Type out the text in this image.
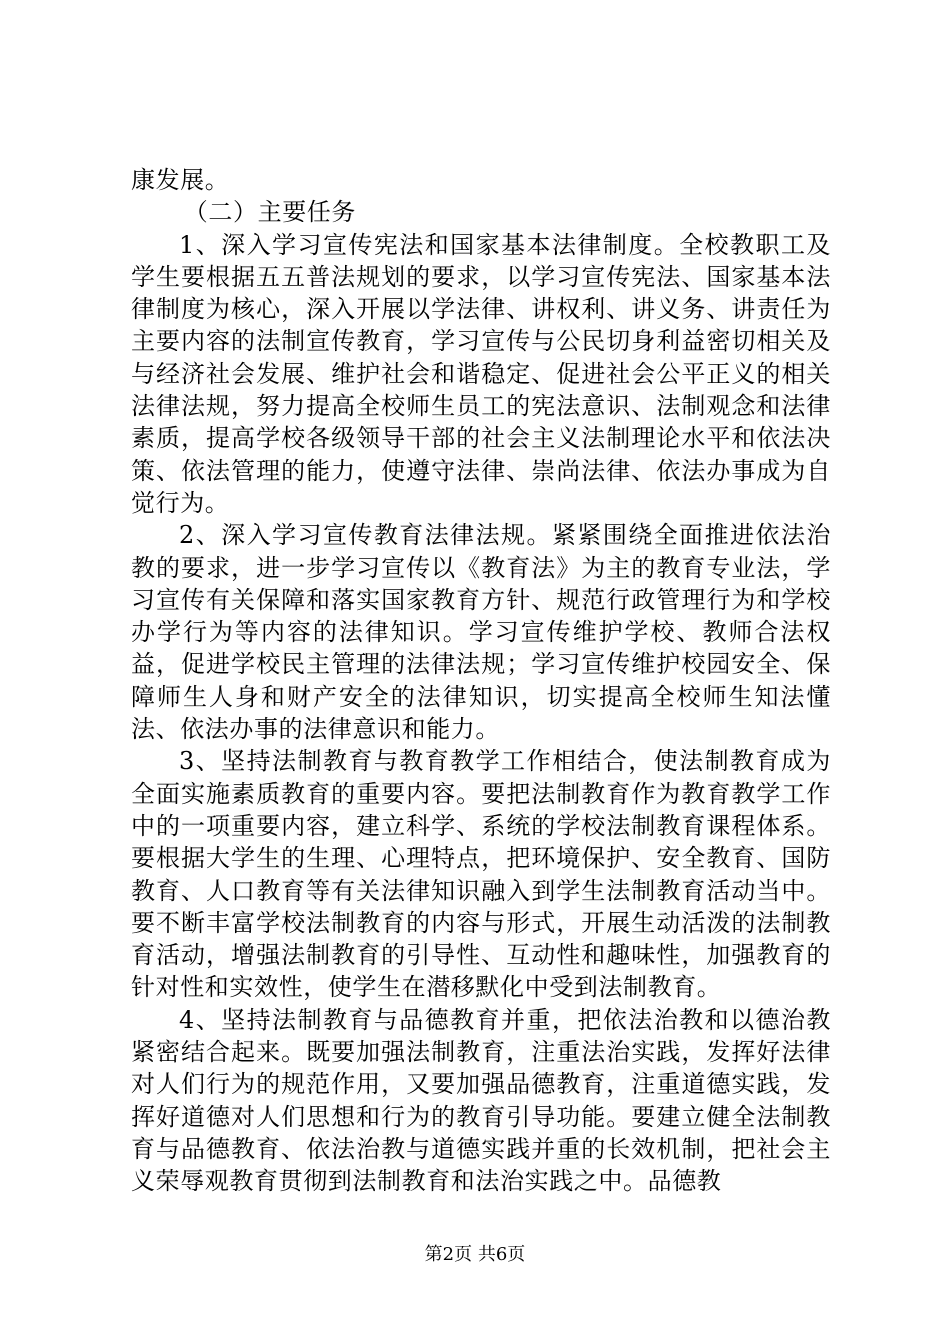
康发展。

（二）主要任务

1、深入学习宣传宪法和国家基本法律制度。全校教职工及学生要根据五五普法规划的要求，以学习宣传宪法、国家基本法律制度为核心，深入开展以学法律、讲权利、讲义务、讲责任为主要内容的法制宣传教育，学习宣传与公民切身利益密切相关及与经济社会发展、维护社会和谐稳定、促进社会公平正义的相关法律法规，努力提高全校师生员工的宪法意识、法制观念和法律素质，提高学校各级领导干部的社会主义法制理论水平和依法决策、依法管理的能力，使遵守法律、崇尚法律、依法办事成为自觉行为。

2、深入学习宣传教育法律法规。紧紧围绕全面推进依法治教的要求，进一步学习宣传以《教育法》为主的教育专业法，学习宣传有关保障和落实国家教育方针、规范行政管理行为和学校办学行为等内容的法律知识。学习宣传维护学校、教师合法权益，促进学校民主管理的法律法规；学习宣传维护校园安全、保障师生人身和财产安全的法律知识，切实提高全校师生知法懂法、依法办事的法律意识和能力。

3、坚持法制教育与教育教学工作相结合，使法制教育成为全面实施素质教育的重要内容。要把法制教育作为教育教学工作中的一项重要内容，建立科学、系统的学校法制教育课程体系。要根据大学生的生理、心理特点，把环境保护、安全教育、国防教育、人口教育等有关法律知识融入到学生法制教育活动当中。要不断丰富学校法制教育的内容与形式，开展生动活泼的法制教育活动，增强法制教育的引导性、互动性和趣味性，加强教育的针对性和实效性，使学生在潜移默化中受到法制教育。

4、坚持法制教育与品德教育并重，把依法治教和以德治教紧密结合起来。既要加强法制教育，注重法治实践，发挥好法律对人们行为的规范作用，又要加强品德教育，注重道德实践，发挥好道德对人们思想和行为的教育引导功能。要建立健全法制教育与品德教育、依法治教与道德实践并重的长效机制，把社会主义荣辱观教育贯彻到法制教育和法治实践之中。品德教

第2页 共6页
